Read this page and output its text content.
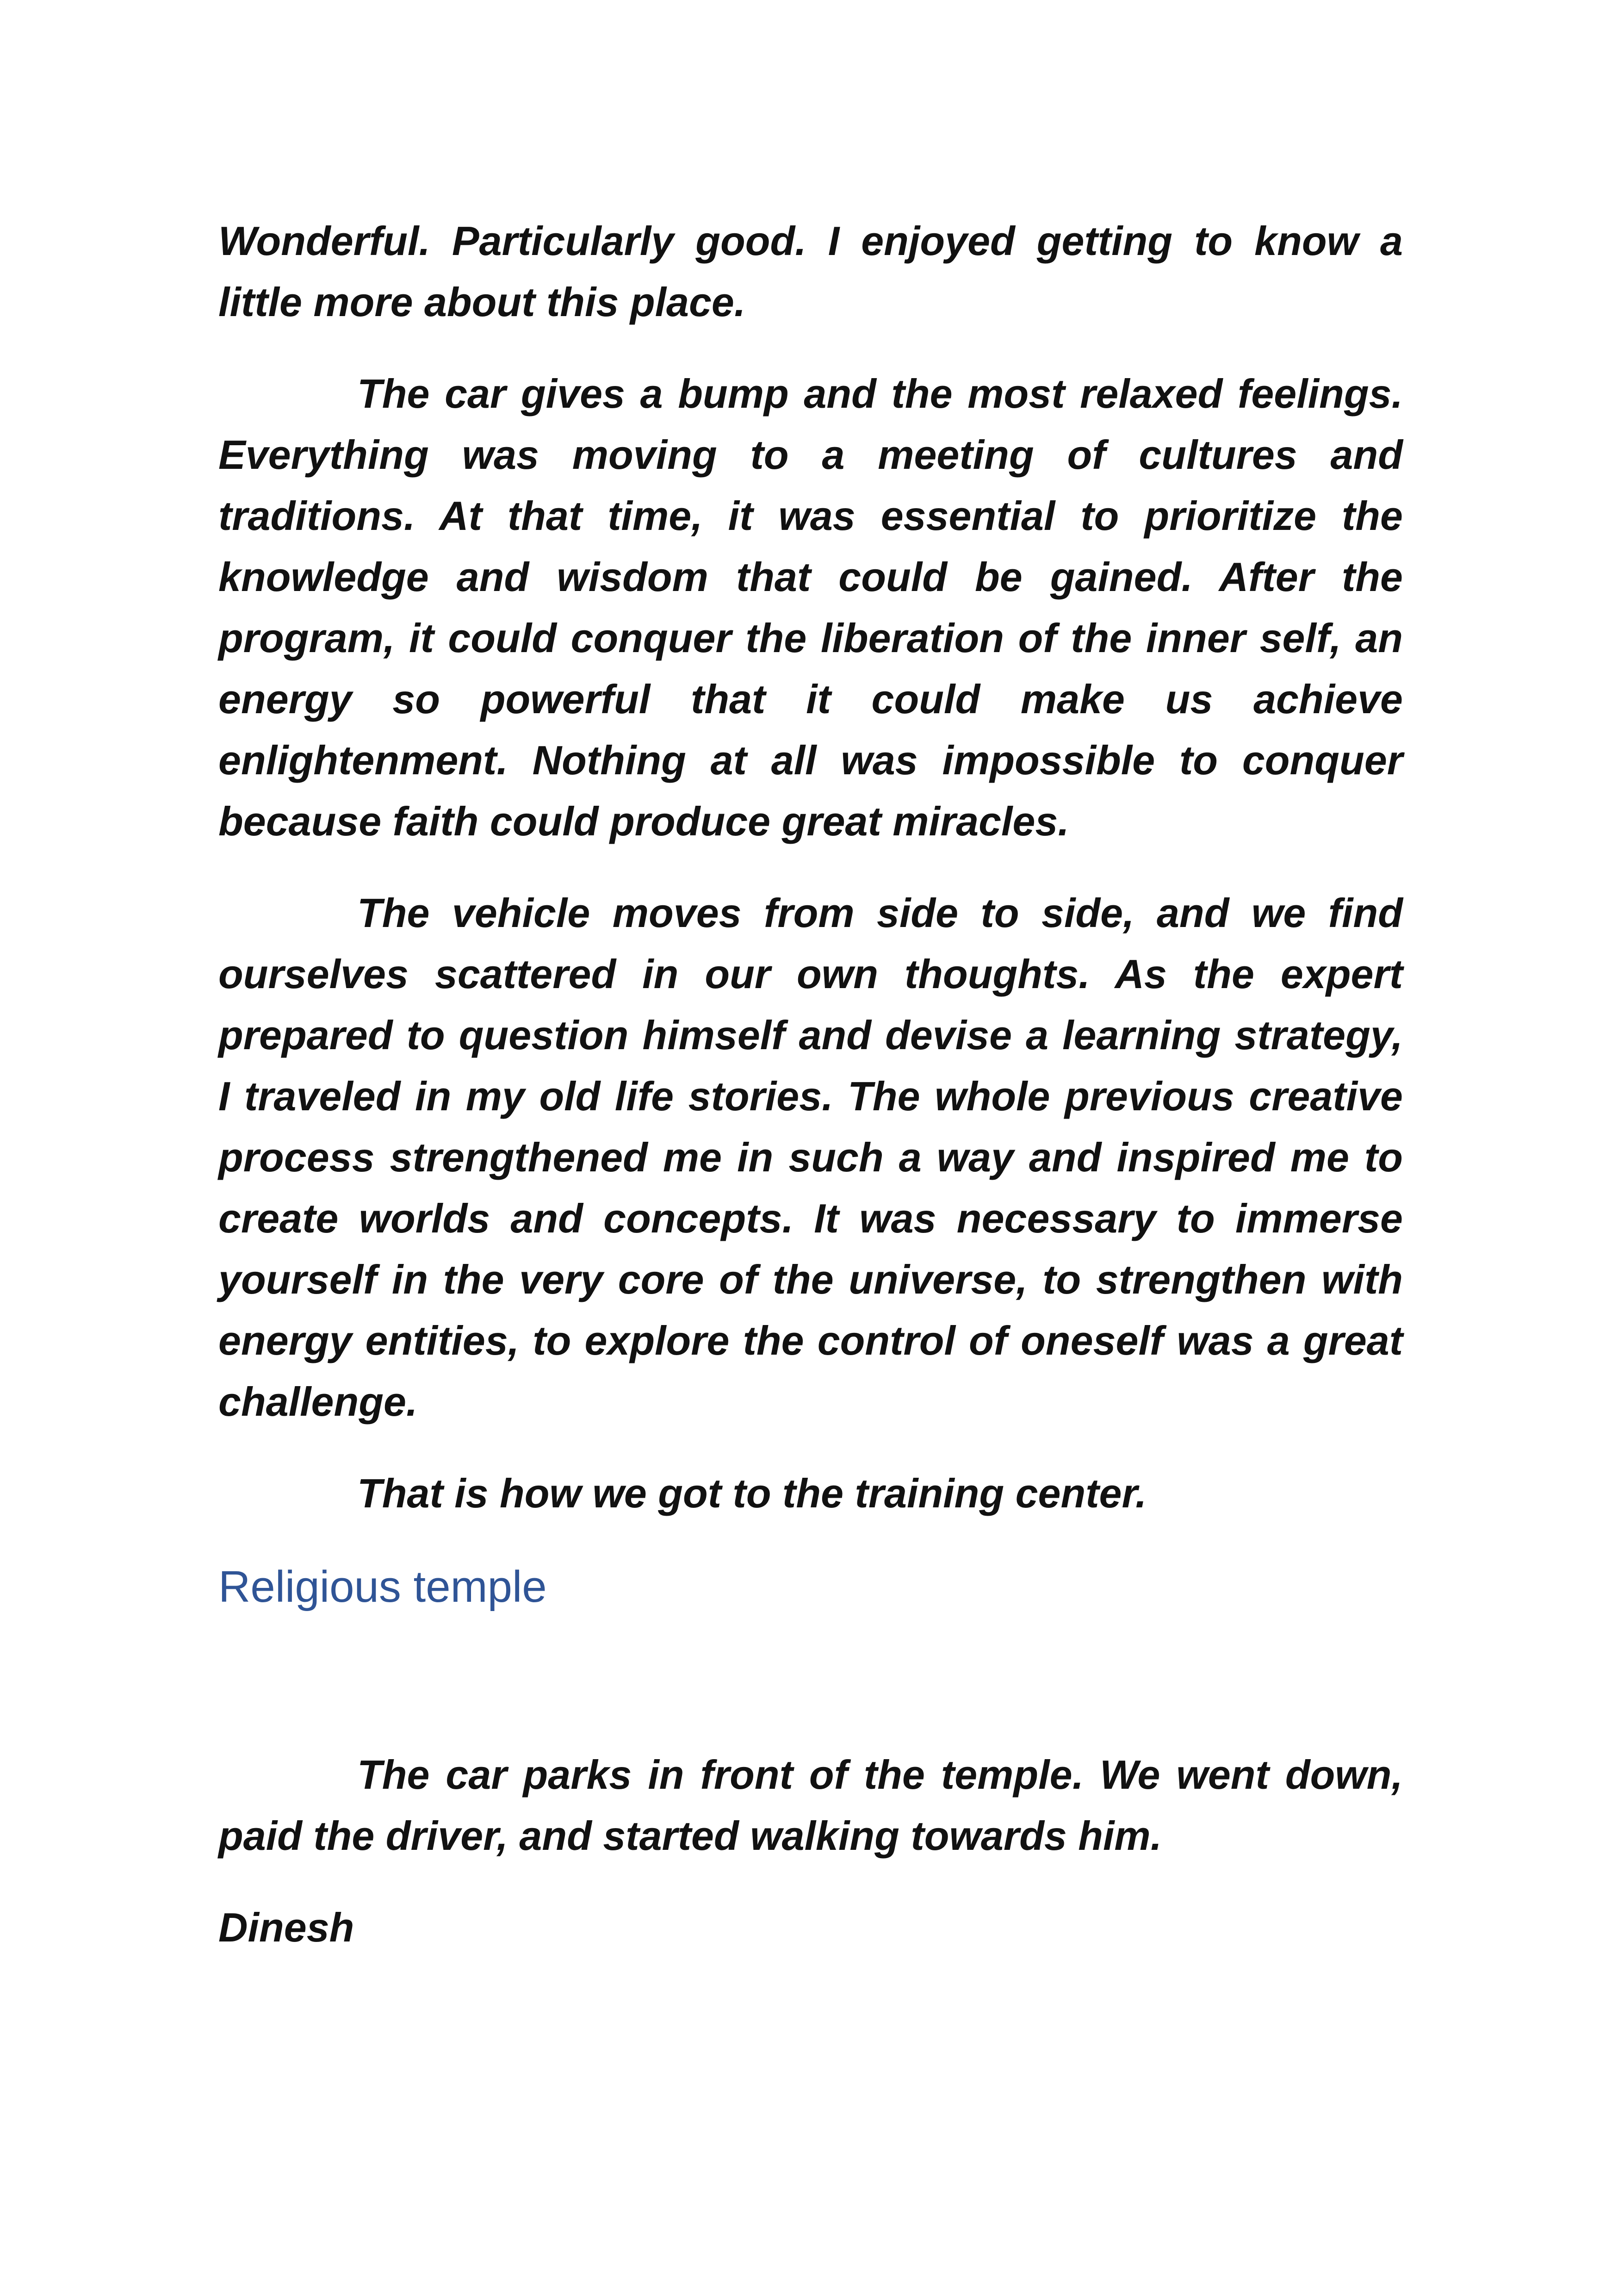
Wonderful. Particularly good. I enjoyed getting to know a little more about this place.

The car gives a bump and the most relaxed feelings. Everything was moving to a meeting of cultures and traditions. At that time, it was essential to prioritize the knowledge and wisdom that could be gained. After the program, it could conquer the liberation of the inner self, an energy so powerful that it could make us achieve enlightenment. Nothing at all was impossible to conquer because faith could produce great miracles.

The vehicle moves from side to side, and we find ourselves scattered in our own thoughts. As the expert prepared to question himself and devise a learning strategy, I traveled in my old life stories. The whole previous creative process strengthened me in such a way and inspired me to create worlds and concepts. It was necessary to immerse yourself in the very core of the universe, to strengthen with energy entities, to explore the control of oneself was a great challenge.

That is how we got to the training center.

Religious temple

The car parks in front of the temple. We went down, paid the driver, and started walking towards him.

Dinesh
